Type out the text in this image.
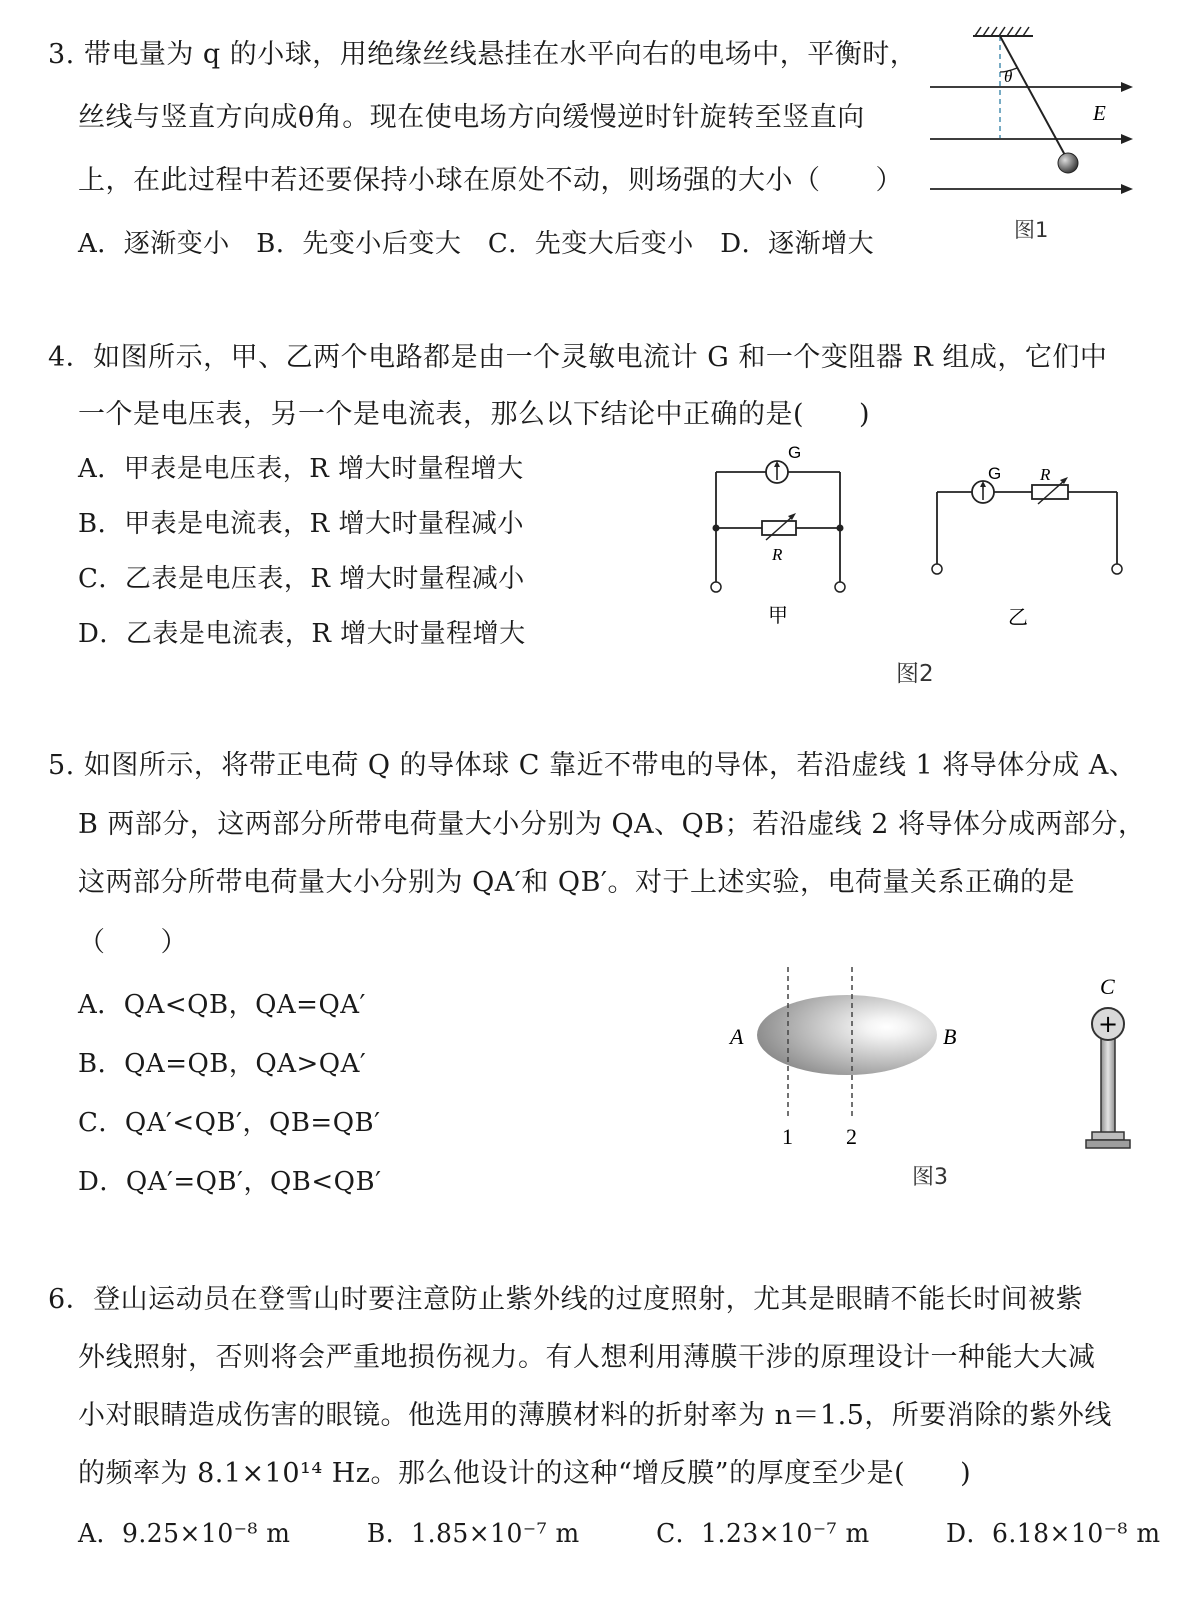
3. 带电量为 q 的小球，用绝缘丝线悬挂在水平向右的电场中，平衡时，
丝线与竖直方向成θ角。现在使电场方向缓慢逆时针旋转至竖直向
上，在此过程中若还要保持小球在原处不动，则场强的大小（　　）
A．逐渐变小　B．先变小后变大　C．先变大后变小　D．逐渐增大
θ
E
图1
4．如图所示，甲、乙两个电路都是由一个灵敏电流计 G 和一个变阻器 R 组成，它们中
一个是电压表，另一个是电流表，那么以下结论中正确的是(　　)
A．甲表是电压表，R 增大时量程增大
B．甲表是电流表，R 增大时量程减小
C．乙表是电压表，R 增大时量程减小
D．乙表是电流表，R 增大时量程增大
G
R
甲
G R
乙
图2
5. 如图所示，将带正电荷 Q 的导体球 C 靠近不带电的导体，若沿虚线 1 将导体分成 A、
B 两部分，这两部分所带电荷量大小分别为 QA、QB；若沿虚线 2 将导体分成两部分，
这两部分所带电荷量大小分别为 QA′和 QB′。对于上述实验，电荷量关系正确的是
（　　）
A．QA<QB，QA=QA′
B．QA=QB，QA>QA′
C．QA′<QB′，QB=QB′
D．QA′=QB′，QB<QB′
A	B
1 2
C
+
图3
6．登山运动员在登雪山时要注意防止紫外线的过度照射，尤其是眼睛不能长时间被紫
外线照射，否则将会严重地损伤视力。有人想利用薄膜干涉的原理设计一种能大大减
小对眼睛造成伤害的眼镜。他选用的薄膜材料的折射率为 n＝1.5，所要消除的紫外线
的频率为 8.1×10¹⁴ Hz。那么他设计的这种“增反膜”的厚度至少是(　　)
A．9.25×10⁻⁸ m　　　B．1.85×10⁻⁷ m　　　C．1.23×10⁻⁷ m　　　D．6.18×10⁻⁸ m
